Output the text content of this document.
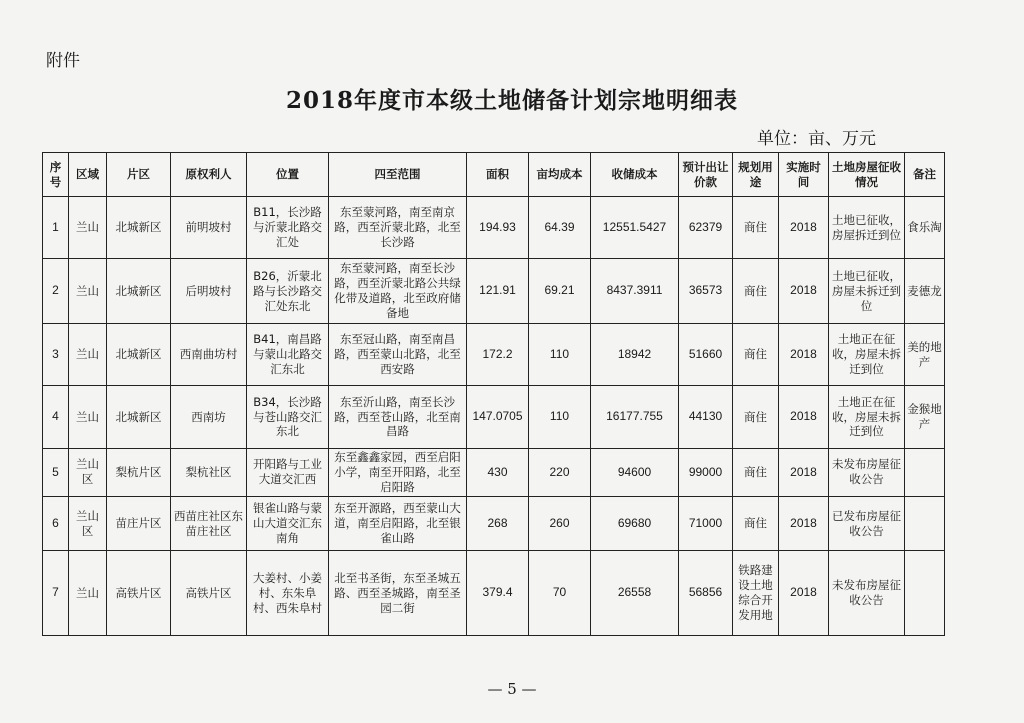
附件
2018年度市本级土地储备计划宗地明细表
单位：亩、万元
序号	区域	片区	原权利人	位置	四至范围	面积	亩均成本	收储成本	预计出让价款	规划用途	实施时间	土地房屋征收情况	备注
1	兰山	北城新区	前明坡村	B11，长沙路与沂蒙北路交汇处	东至蒙河路，南至南京路，西至沂蒙北路，北至长沙路	194.93	64.39	12551.5427	62379	商住	2018	土地已征收，房屋拆迁到位	食乐淘
2	兰山	北城新区	后明坡村	B26，沂蒙北路与长沙路交汇处东北	东至蒙河路，南至长沙路，西至沂蒙北路公共绿化带及道路，北至政府储备地	121.91	69.21	8437.3911	36573	商住	2018	土地已征收，房屋未拆迁到位	麦德龙
3	兰山	北城新区	西南曲坊村	B41，南昌路与蒙山北路交汇东北	东至冠山路，南至南昌路，西至蒙山北路，北至西安路	172.2	110	18942	51660	商住	2018	土地正在征收，房屋未拆迁到位	美的地产
4	兰山	北城新区	西南坊	B34，长沙路与苍山路交汇东北	东至沂山路，南至长沙路，西至苍山路，北至南昌路	147.0705	110	16177.755	44130	商住	2018	土地正在征收，房屋未拆迁到位	金猴地产
5	兰山区	梨杭片区	梨杭社区	开阳路与工业大道交汇西	东至鑫鑫家园，西至启阳小学，南至开阳路，北至启阳路	430	220	94600	99000	商住	2018	未发布房屋征收公告	
6	兰山区	苗庄片区	西苗庄社区东苗庄社区	银雀山路与蒙山大道交汇东南角	东至开源路，西至蒙山大道，南至启阳路，北至银雀山路	268	260	69680	71000	商住	2018	已发布房屋征收公告	
7	兰山	高铁片区	高铁片区	大姜村、小姜村、东朱阜村、西朱阜村	北至书圣街，东至圣城五路、西至圣城路，南至圣园二街	379.4	70	26558	56856	铁路建设土地综合开发用地	2018	未发布房屋征收公告	
— 5 —
